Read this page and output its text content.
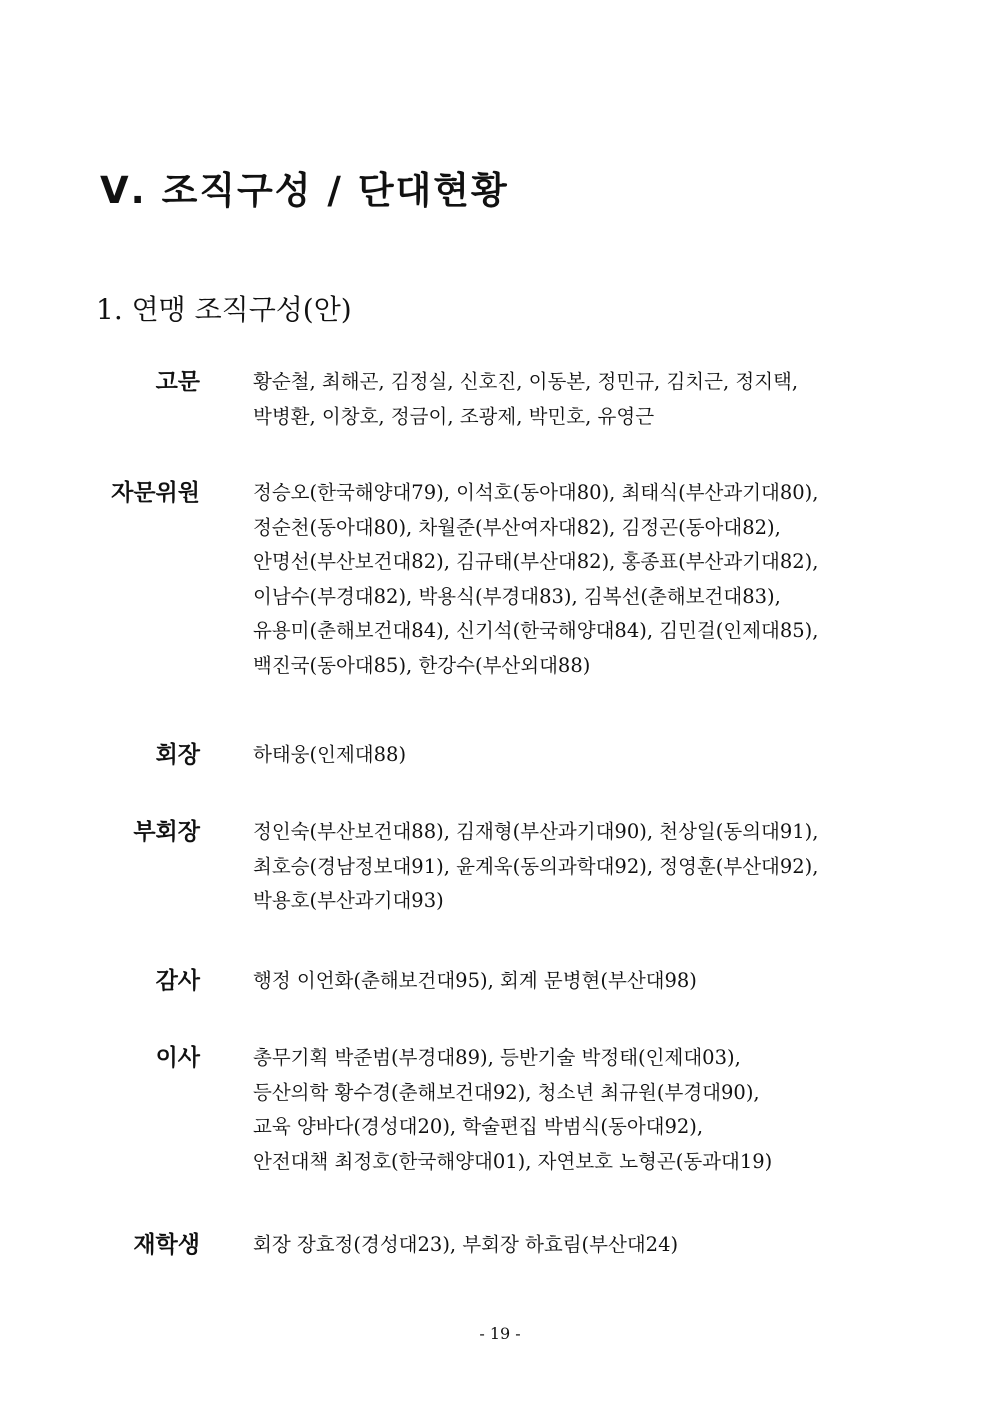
Ⅴ. 조직구성 / 단대현황
1. 연맹 조직구성(안)
고문	황순철, 최해곤, 김정실, 신호진, 이동본, 정민규, 김치근, 정지택,
박병환, 이창호, 정금이, 조광제, 박민호, 유영근
자문위원	정승오(한국해양대79), 이석호(동아대80), 최태식(부산과기대80),
정순천(동아대80), 차월준(부산여자대82), 김정곤(동아대82),
안명선(부산보건대82), 김규태(부산대82), 홍종표(부산과기대82),
이남수(부경대82), 박용식(부경대83), 김복선(춘해보건대83),
유용미(춘해보건대84), 신기석(한국해양대84), 김민걸(인제대85),
백진국(동아대85), 한강수(부산외대88)
회장	하태웅(인제대88)
부회장	정인숙(부산보건대88), 김재형(부산과기대90), 천상일(동의대91),
최호승(경남정보대91), 윤계욱(동의과학대92), 정영훈(부산대92),
박용호(부산과기대93)
감사	행정 이언화(춘해보건대95), 회계 문병현(부산대98)
이사	총무기획 박준범(부경대89), 등반기술 박정태(인제대03),
등산의학 황수경(춘해보건대92), 청소년 최규원(부경대90),
교육 양바다(경성대20), 학술편집 박범식(동아대92),
안전대책 최정호(한국해양대01), 자연보호 노형곤(동과대19)
재학생	회장 장효정(경성대23), 부회장 하효림(부산대24)
- 19 -
